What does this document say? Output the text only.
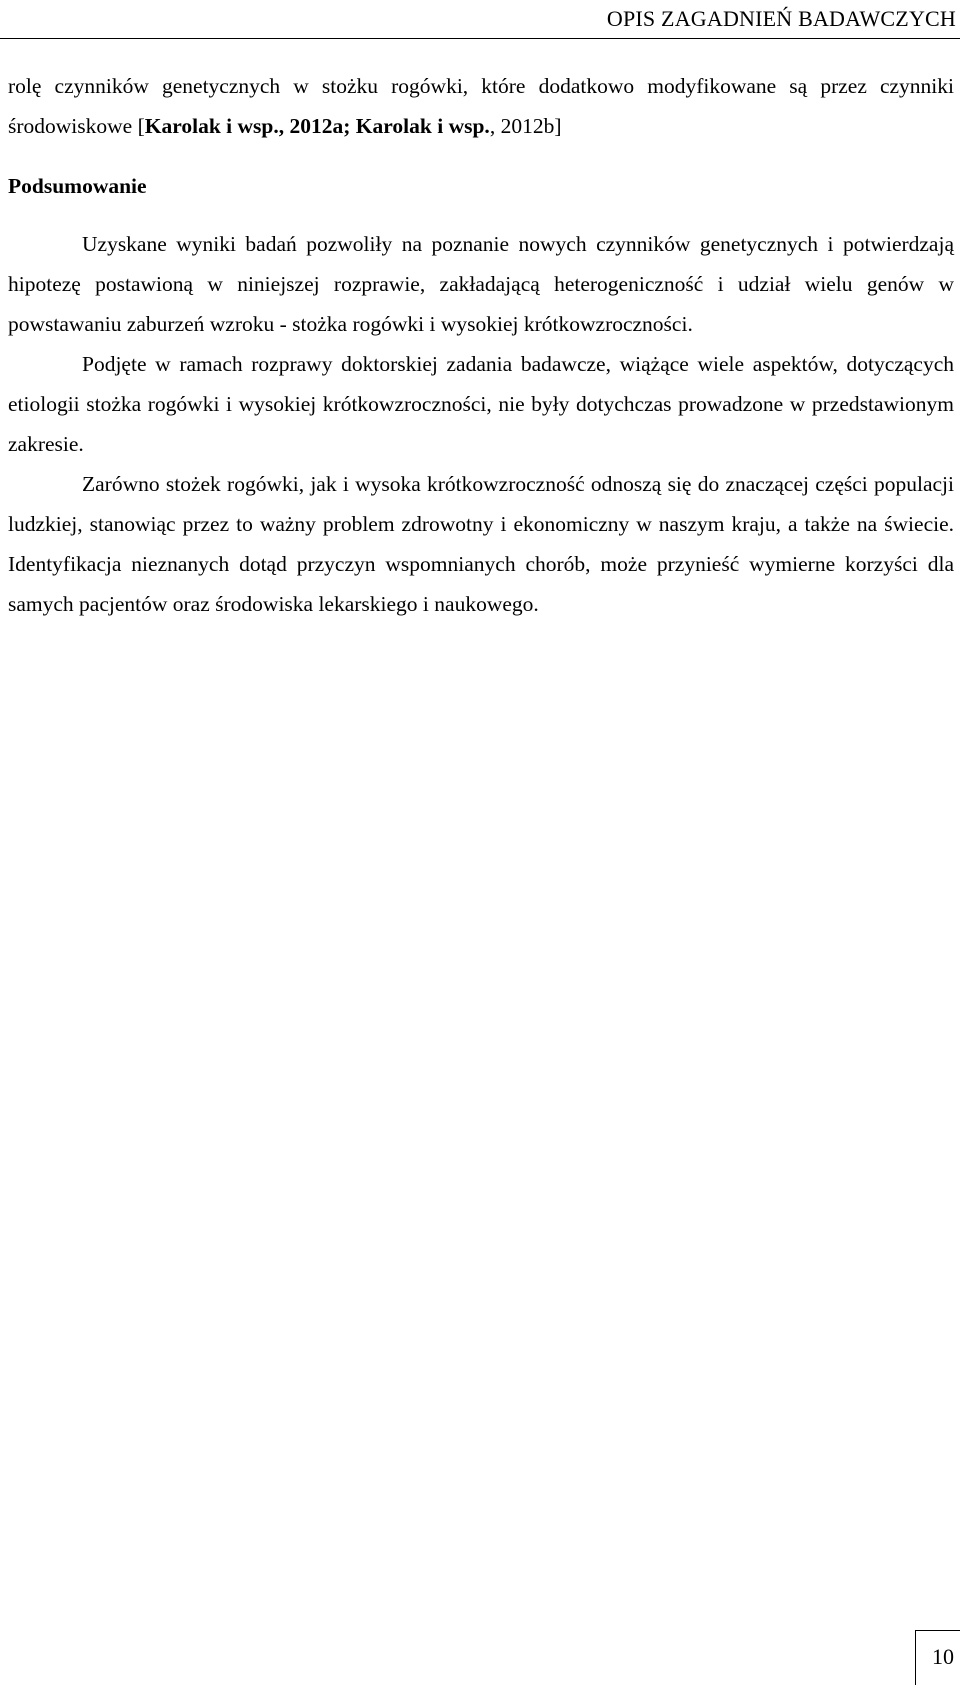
OPIS ZAGADNIEŃ BADAWCZYCH

rolę czynników genetycznych w stożku rogówki, które dodatkowo modyfikowane są przez czynniki środowiskowe [Karolak i wsp., 2012a; Karolak i wsp., 2012b]

Podsumowanie

Uzyskane wyniki badań pozwoliły na poznanie nowych czynników genetycznych i potwierdzają hipotezę postawioną w niniejszej rozprawie, zakładającą heterogeniczność i udział wielu genów w powstawaniu zaburzeń wzroku - stożka rogówki i wysokiej krótkowzroczności.

Podjęte w ramach rozprawy doktorskiej zadania badawcze, wiążące wiele aspektów, dotyczących etiologii stożka rogówki i wysokiej krótkowzroczności, nie były dotychczas prowadzone w przedstawionym zakresie.

Zarówno stożek rogówki, jak i wysoka krótkowzroczność odnoszą się do znaczącej części populacji ludzkiej, stanowiąc przez to ważny problem zdrowotny i ekonomiczny w naszym kraju, a także na świecie. Identyfikacja nieznanych dotąd przyczyn wspomnianych chorób, może przynieść wymierne korzyści dla samych pacjentów oraz środowiska lekarskiego i naukowego.

10
